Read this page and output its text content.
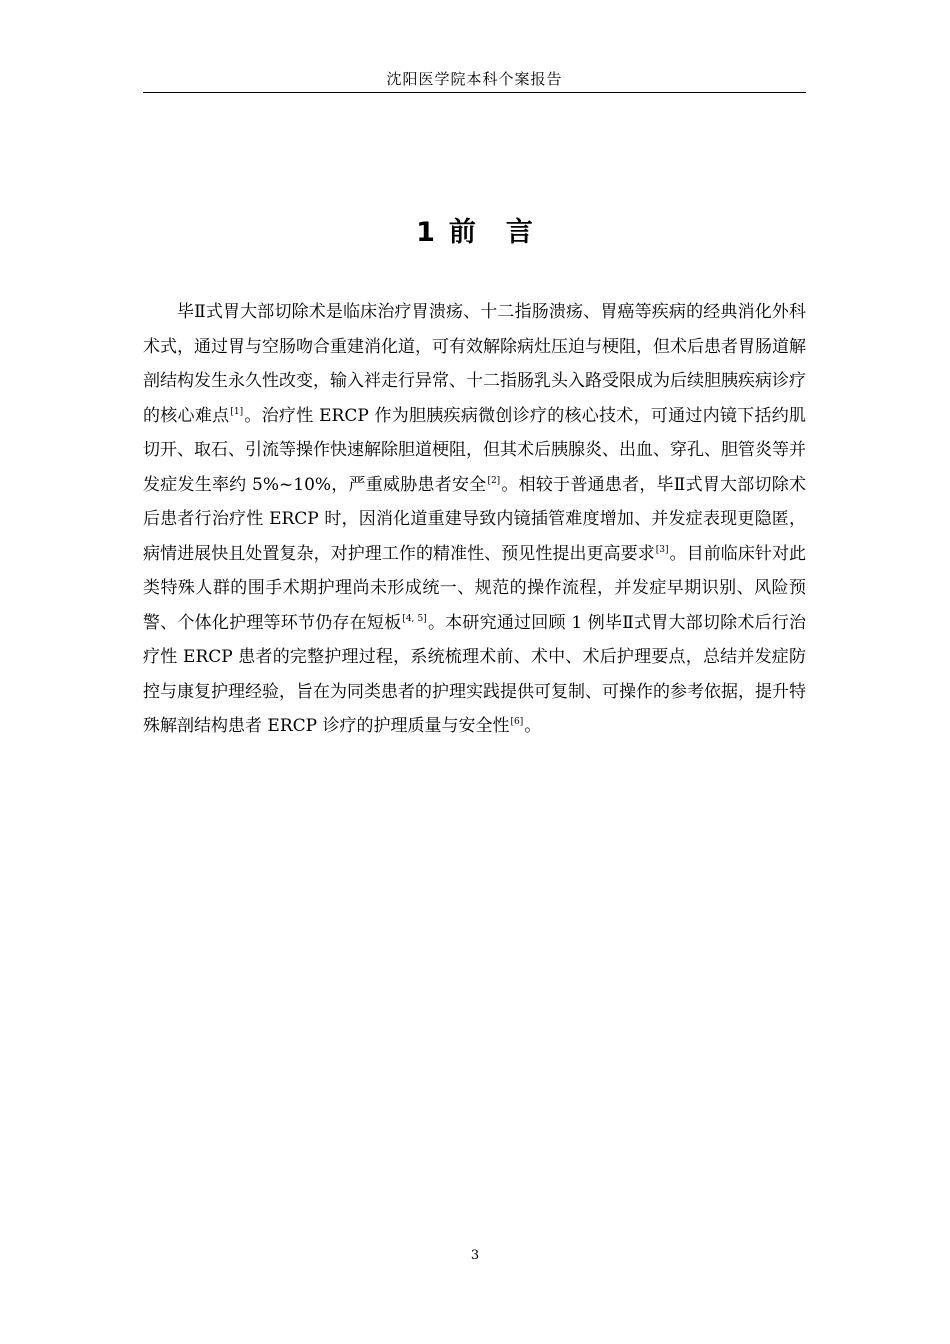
沈阳医学院本科个案报告
1 前 言

毕Ⅱ式胃大部切除术是临床治疗胃溃疡、十二指肠溃疡、胃癌等疾病的经典消化外科术式，通过胃与空肠吻合重建消化道，可有效解除病灶压迫与梗阻，但术后患者胃肠道解剖结构发生永久性改变，输入袢走行异常、十二指肠乳头入路受限成为后续胆胰疾病诊疗的核心难点[1]。治疗性 ERCP 作为胆胰疾病微创诊疗的核心技术，可通过内镜下括约肌切开、取石、引流等操作快速解除胆道梗阻，但其术后胰腺炎、出血、穿孔、胆管炎等并发症发生率约 5%~10%，严重威胁患者安全[2]。相较于普通患者，毕Ⅱ式胃大部切除术后患者行治疗性 ERCP 时，因消化道重建导致内镜插管难度增加、并发症表现更隐匿，病情进展快且处置复杂，对护理工作的精准性、预见性提出更高要求[3]。目前临床针对此类特殊人群的围手术期护理尚未形成统一、规范的操作流程，并发症早期识别、风险预警、个体化护理等环节仍存在短板[4, 5]。本研究通过回顾 1 例毕Ⅱ式胃大部切除术后行治疗性 ERCP 患者的完整护理过程，系统梳理术前、术中、术后护理要点，总结并发症防控与康复护理经验，旨在为同类患者的护理实践提供可复制、可操作的参考依据，提升特殊解剖结构患者 ERCP 诊疗的护理质量与安全性[6]。

3
